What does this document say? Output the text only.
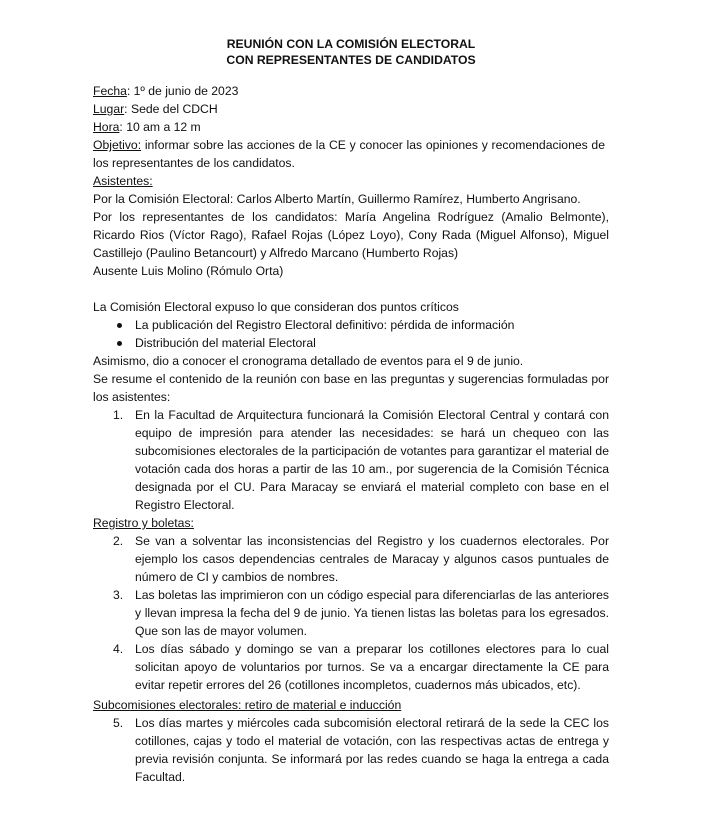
REUNIÓN CON LA COMISIÓN ELECTORAL
CON REPRESENTANTES DE CANDIDATOS
Fecha: 1º de junio de 2023
Lugar: Sede del CDCH
Hora: 10 am a 12 m
Objetivo: informar sobre las acciones de la CE y conocer las opiniones y recomendaciones de los representantes de los candidatos.
Asistentes:
Por la Comisión Electoral: Carlos Alberto Martín, Guillermo Ramírez, Humberto Angrisano.
Por los representantes de los candidatos: María Angelina Rodríguez (Amalio Belmonte), Ricardo Rios (Víctor Rago), Rafael Rojas (López Loyo), Cony Rada (Miguel Alfonso), Miguel Castillejo (Paulino Betancourt) y Alfredo Marcano (Humberto Rojas)
Ausente Luis Molino (Rómulo Orta)
La Comisión Electoral expuso lo que consideran dos puntos críticos
La publicación del Registro Electoral definitivo: pérdida de información
Distribución del material Electoral
Asimismo, dio a conocer el cronograma detallado de eventos para el 9 de junio.
Se resume el contenido de la reunión con base en las preguntas y sugerencias formuladas por los asistentes:
1. En la Facultad de Arquitectura funcionará la Comisión Electoral Central y contará con equipo de impresión para atender las necesidades: se hará un chequeo con las subcomisiones electorales de la participación de votantes para garantizar el material de votación cada dos horas a partir de las 10 am., por sugerencia de la Comisión Técnica designada por el CU. Para Maracay se enviará el material completo con base en el Registro Electoral.
Registro y boletas:
2. Se van a solventar las inconsistencias del Registro y los cuadernos electorales. Por ejemplo los casos dependencias centrales de Maracay y algunos casos puntuales de número de CI y cambios de nombres.
3. Las boletas las imprimieron con un código especial para diferenciarlas de las anteriores y llevan impresa la fecha del 9 de junio. Ya tienen listas las boletas para los egresados. Que son las de mayor volumen.
4. Los días sábado y domingo se van a preparar los cotillones electores para lo cual solicitan apoyo de voluntarios por turnos. Se va a encargar directamente la CE para evitar repetir errores del 26 (cotillones incompletos, cuadernos más ubicados, etc).
Subcomisiones electorales: retiro de material e inducción
5. Los días martes y miércoles cada subcomisión electoral retirará de la sede la CEC los cotillones, cajas y todo el material de votación, con las respectivas actas de entrega y previa revisión conjunta. Se informará por las redes cuando se haga la entrega a cada Facultad.
